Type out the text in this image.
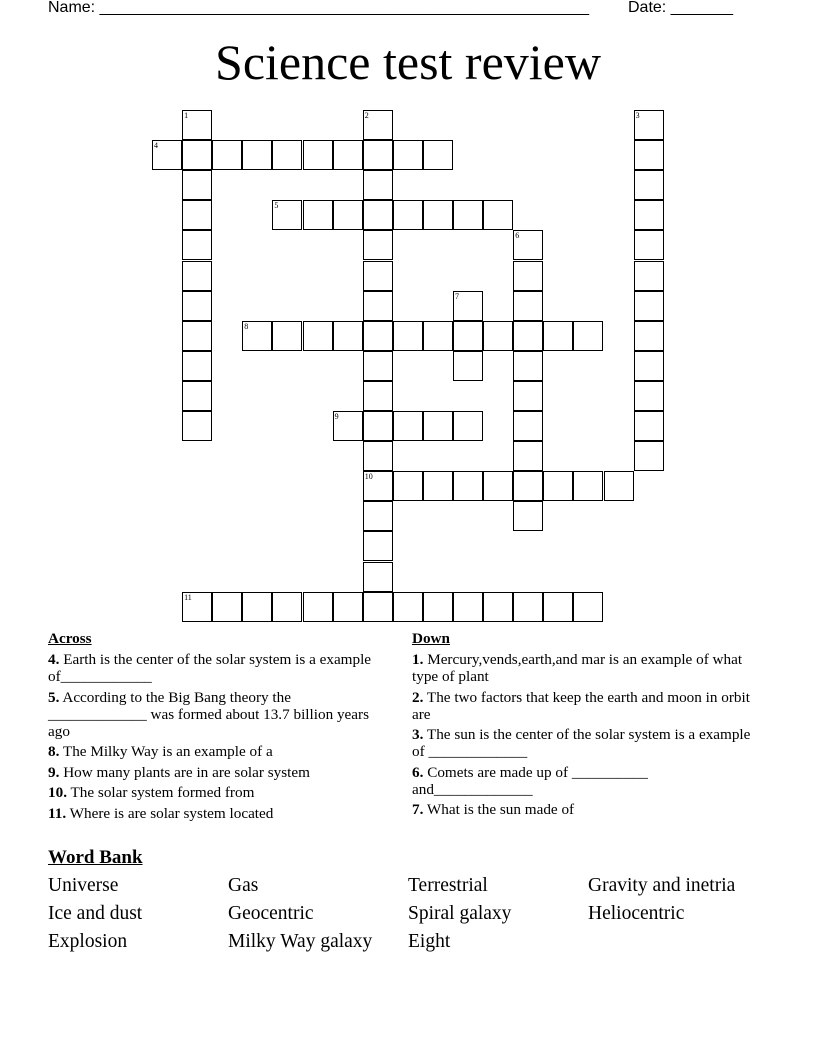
Name: _______________________________________________________ Date: _______
Science test review
1	2
10
3
4
5
6
7
8
9
11
Across
4. Earth is the center of the solar system is a example of____________
5. According to the Big Bang theory the _____________ was formed about 13.7 billion years ago
8. The Milky Way is an example of a
9. How many plants are in are solar system
10. The solar system formed from
11. Where is are solar system located
Down
1. Mercury,vends,earth,and mar is an example of what type of plant
2. The two factors that keep the earth and moon in orbit are
3. The sun is the center of the solar system is a example of _____________
6. Comets are made up of __________ and_____________
7. What is the sun made of
Word Bank
Universe	Gas	Terrestrial	Gravity and inetria
Ice and dust	Geocentric	Spiral galaxy	Heliocentric
Explosion	Milky Way galaxy	Eight
